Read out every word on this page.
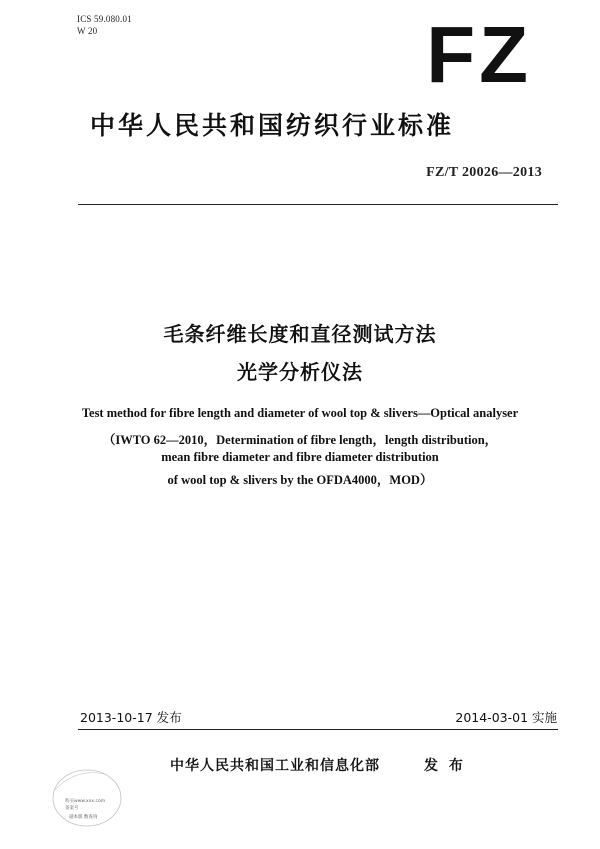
ICS 59.080.01
W 20	FZ
中华人民共和国纺织行业标准
FZ/T 20026—2013
毛条纤维长度和直径测试方法
光学分析仪法
Test method for fibre length and diameter of wool top & slivers—Optical analyser
（IWTO 62—2010，Determination of fibre length，length distribution，
mean fibre diameter and fibre diameter distribution
of wool top & slivers by the OFDA4000，MOD）
2013-10-17 发布	2014-03-01 实施
中华人民共和国工业和信息化部	发 布
购买www.xxx.com
备案号
副本版 数查询
